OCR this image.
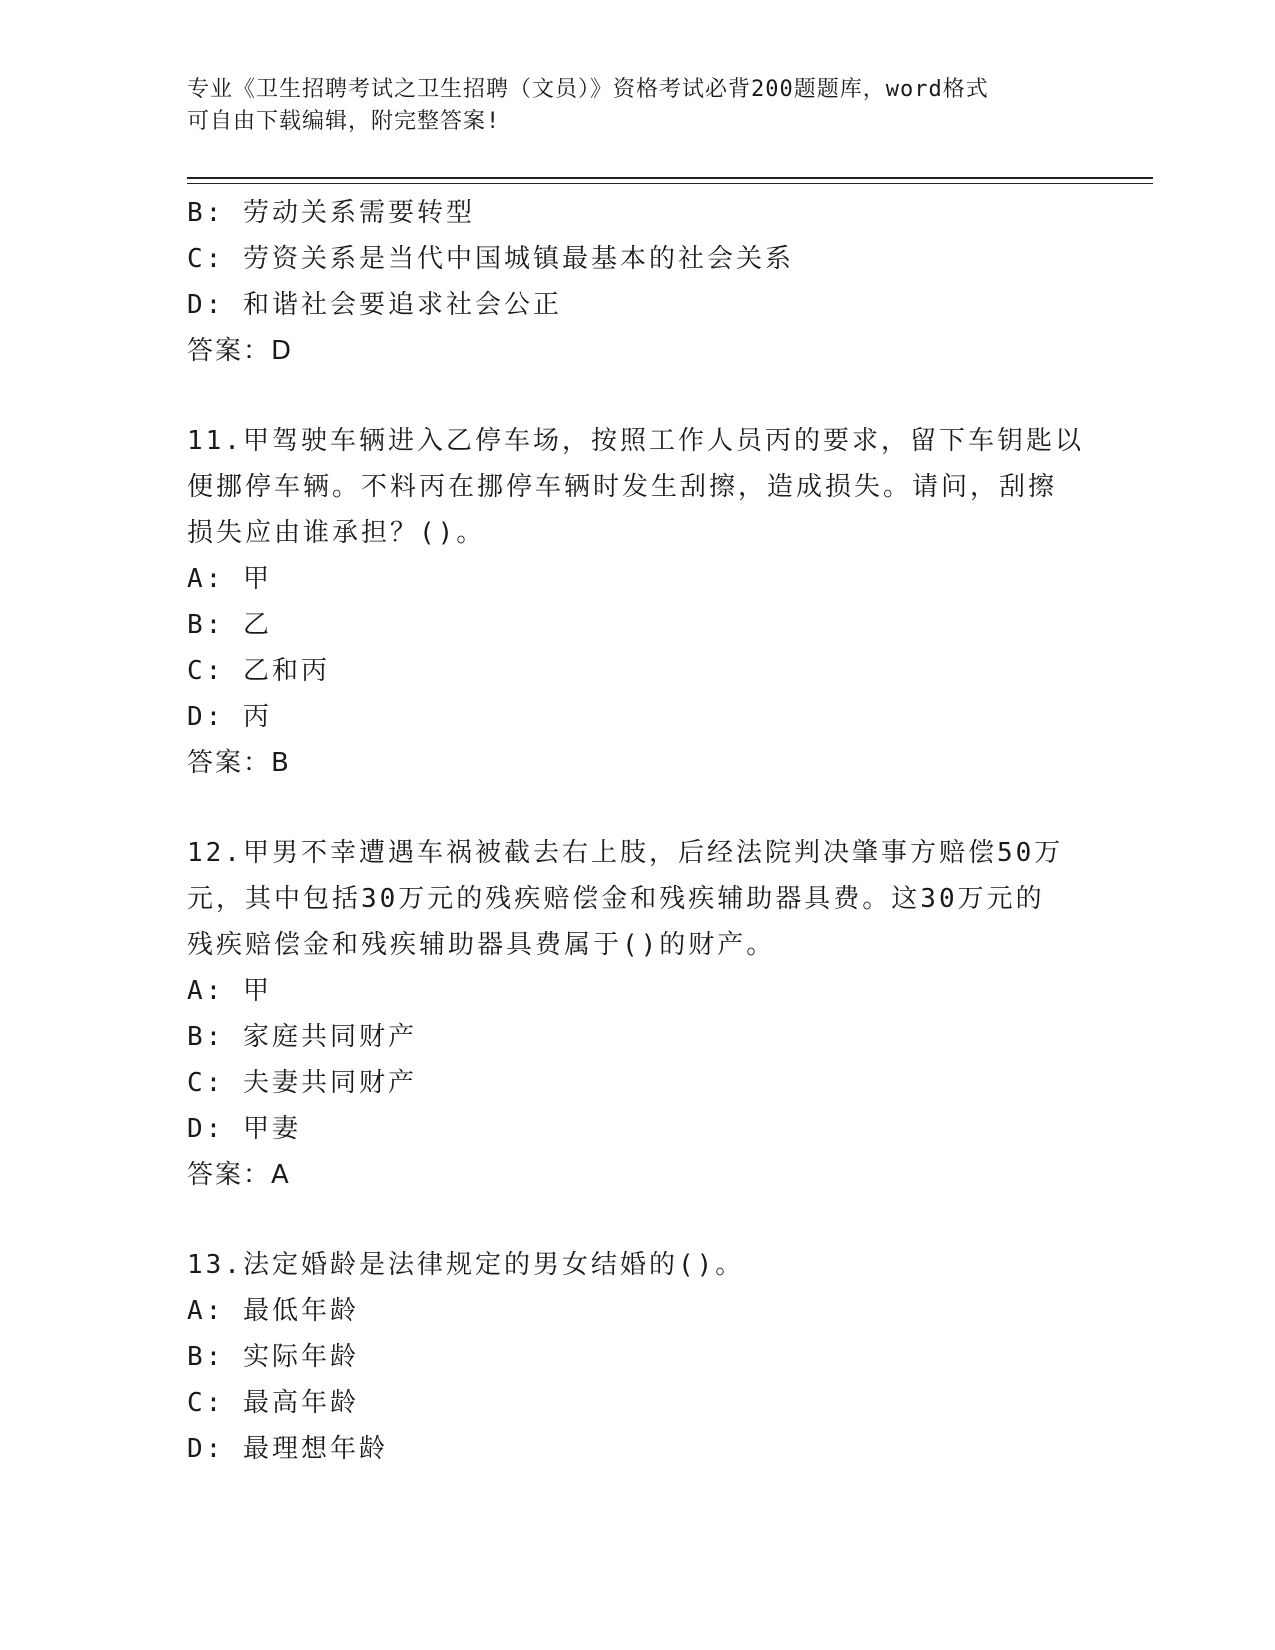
专业《卫生招聘考试之卫生招聘（文员）》资格考试必背200题题库，word格式
可自由下载编辑，附完整答案!
B: 劳动关系需要转型
C: 劳资关系是当代中国城镇最基本的社会关系
D: 和谐社会要追求社会公正
答案：D
11.甲驾驶车辆进入乙停车场，按照工作人员丙的要求，留下车钥匙以
便挪停车辆。不料丙在挪停车辆时发生刮擦，造成损失。请问，刮擦
损失应由谁承担？()。
A: 甲
B: 乙
C: 乙和丙
D: 丙
答案：B
12.甲男不幸遭遇车祸被截去右上肢，后经法院判决肇事方赔偿50万
元，其中包括30万元的残疾赔偿金和残疾辅助器具费。这30万元的
残疾赔偿金和残疾辅助器具费属于()的财产。
A: 甲
B: 家庭共同财产
C: 夫妻共同财产
D: 甲妻
答案：A
13.法定婚龄是法律规定的男女结婚的()。
A: 最低年龄
B: 实际年龄
C: 最高年龄
D: 最理想年龄
